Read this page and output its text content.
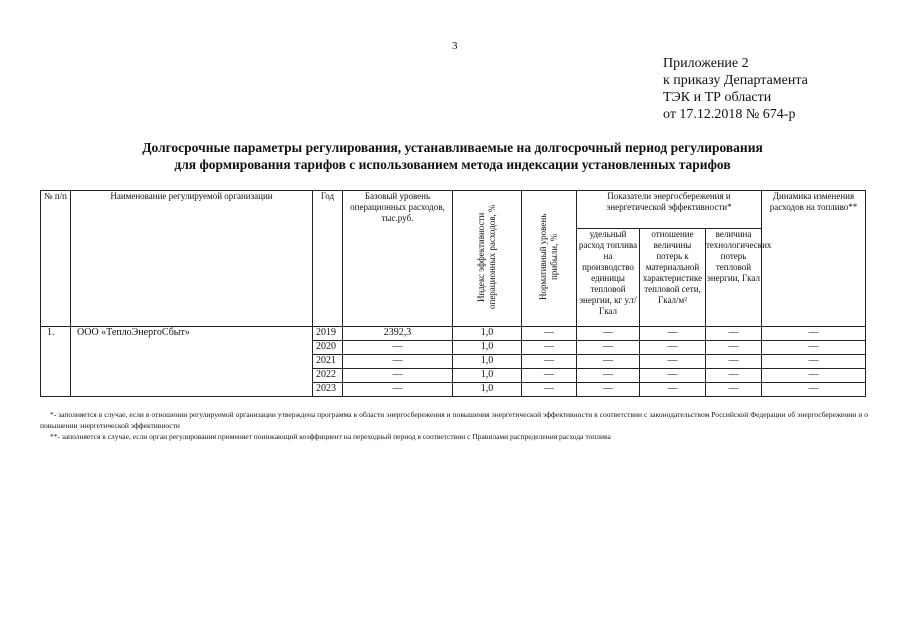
3
Приложение 2
к приказу Департамента
ТЭК и ТР области
от 17.12.2018 № 674-р
Долгосрочные параметры регулирования, устанавливаемые на долгосрочный период регулирования
для формирования тарифов с использованием метода индексации установленных тарифов
№ п/п	Наименование регулируемой организации	Год	Базовый уровень операционных расходов, тыс.руб.	Индекс эффективности операционных расходов, %	Нормативный уровень прибыли, %	Показатели энергосбережения и энергетической эффективности*			Динамика изменения расходов на топливо**
						удельный расход топлива на производство единицы тепловой энергии, кг у.т/Гкал	отношение величины потерь к материальной характеристике тепловой сети, Гкал/м²	величина технологических потерь тепловой энергии, Гкал	
1.	ООО «ТеплоЭнергоСбыт»	2019	2392,3	1,0	—	—	—	—	—
		2020	—	1,0	—	—	—	—	—
		2021	—	1,0	—	—	—	—	—
		2022	—	1,0	—	—	—	—	—
		2023	—	1,0	—	—	—	—	—
*- заполняется в случае, если в отношении регулируемой организации утверждена программа в области энергосбережения и повышения энергетической эффективности в соответствии с законодательством Российской Федерации об энергосбережении и о повышении энергетической эффективности
**- заполняется в случае, если орган регулирования применяет понижающий коэффициент на переходный период в соответствии с Правилами распределения расхода топлива
